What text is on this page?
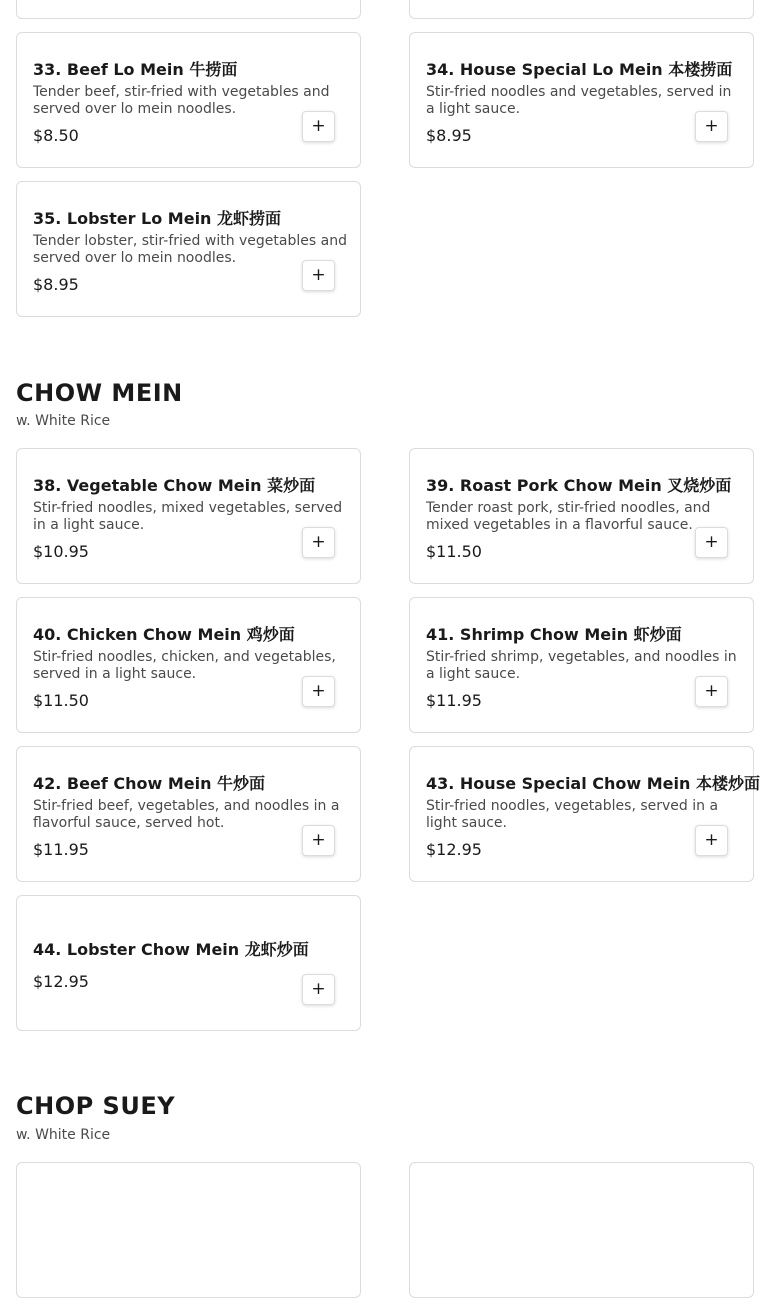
33. Beef Lo Mein 牛捞面
Tender beef, stir-fried with vegetables and served over lo mein noodles.
$8.50	+
34. House Special Lo Mein 本楼捞面
Stir-fried noodles and vegetables, served in a light sauce.
$8.95	+
35. Lobster Lo Mein 龙虾捞面
Tender lobster, stir-fried with vegetables and served over lo mein noodles.
$8.95	+
CHOW MEIN
w. White Rice
38. Vegetable Chow Mein 菜炒面
Stir-fried noodles, mixed vegetables, served in a light sauce.
$10.95	+
39. Roast Pork Chow Mein 叉烧炒面
Tender roast pork, stir-fried noodles, and mixed vegetables in a flavorful sauce.
$11.50	+
40. Chicken Chow Mein 鸡炒面
Stir-fried noodles, chicken, and vegetables, served in a light sauce.
$11.50	+
41. Shrimp Chow Mein 虾炒面
Stir-fried shrimp, vegetables, and noodles in a light sauce.
$11.95	+
42. Beef Chow Mein 牛炒面
Stir-fried beef, vegetables, and noodles in a flavorful sauce, served hot.
$11.95	+
43. House Special Chow Mein 本楼炒面
Stir-fried noodles, vegetables, served in a light sauce.
$12.95	+
44. Lobster Chow Mein 龙虾炒面
$12.95	+
CHOP SUEY
w. White Rice
